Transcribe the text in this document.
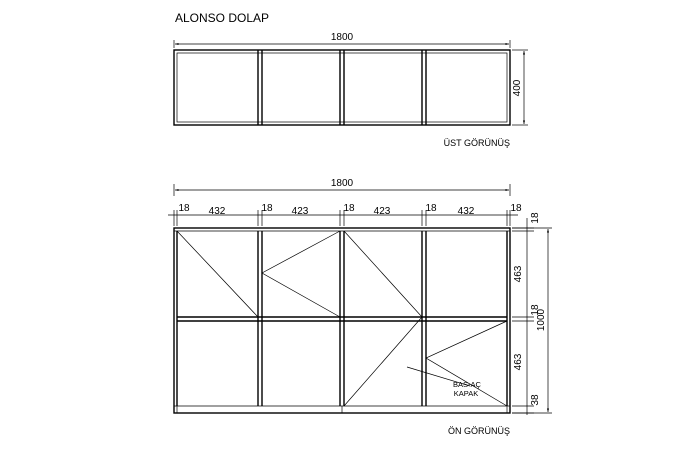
ALONSO DOLAP
1800
400
ÜST GÖRÜNÜŞ
1800
18 432	18 423	18 423	18 432	18
BAS-AÇ
KAPAK
18
463
18
463
38
1000
ÖN GÖRÜNÜŞ
